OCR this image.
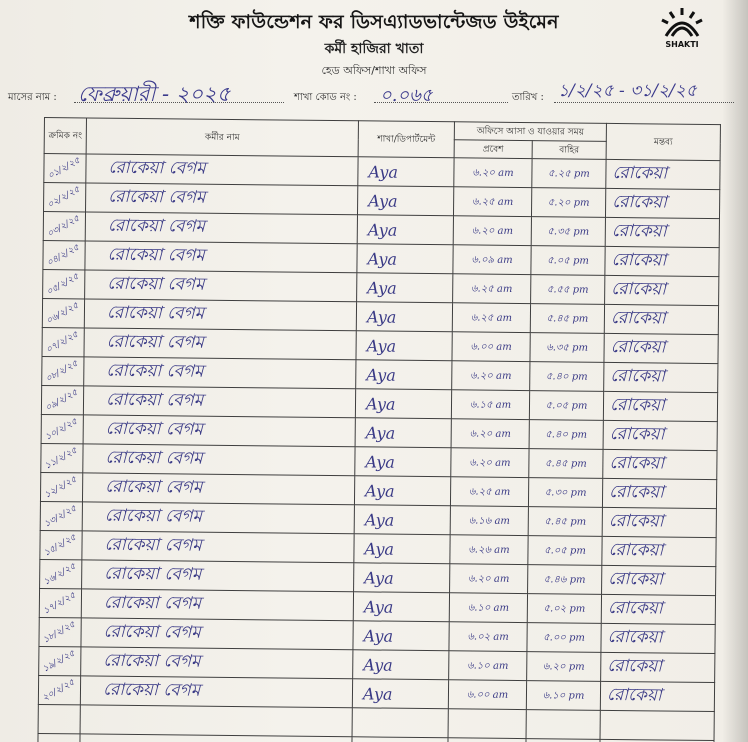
শক্তি ফাউন্ডেশন ফর ডিসএ্যাডভান্টেজড উইমেন
কর্মী হাজিরা খাতা
হেড অফিস/শাখা অফিস
SHAKTI
মাসের নাম : ফেব্রুয়ারী - ২০২৫	শাখা কোড নং : ০.০৬৫	তারিখ : ১/২/২৫ - ৩১/২/২৫
ক্রমিক নং	কর্মীর নাম	শাখা/ডিপার্টমেন্ট	অফিসে আসা ও যাওয়ার সময়		মন্তব্য
			প্রবেশ	বাহির	

০১/২/২৫	রোকেয়া বেগম	Aya	৬.২০ am	৫.২৫ pm	রোকেয়া

০২/২/২৫	রোকেয়া বেগম	Aya	৬.২৫ am	৫.২০ pm	রোকেয়া

০৩/২/২৫	রোকেয়া বেগম	Aya	৬.২০ am	৫.৩৫ pm	রোকেয়া

০৪/২/২৫	রোকেয়া বেগম	Aya	৬.০৯ am	৫.০৫ pm	রোকেয়া

০৫/২/২৫	রোকেয়া বেগম	Aya	৬.২৫ am	৫.৫৫ pm	রোকেয়া

০৬/২/২৫	রোকেয়া বেগম	Aya	৬.২৫ am	৫.৪৫ pm	রোকেয়া

০৭/২/২৫	রোকেয়া বেগম	Aya	৬.০০ am	৬.৩৫ pm	রোকেয়া

০৮/২/২৫	রোকেয়া বেগম	Aya	৬.২০ am	৫.৪০ pm	রোকেয়া

০৯/২/২৫	রোকেয়া বেগম	Aya	৬.১৫ am	৫.০৫ pm	রোকেয়া

১০/২/২৫	রোকেয়া বেগম	Aya	৬.২০ am	৫.৪০ pm	রোকেয়া

১১/২/২৫	রোকেয়া বেগম	Aya	৬.২০ am	৫.৪৫ pm	রোকেয়া

১২/২/২৫	রোকেয়া বেগম	Aya	৬.২৫ am	৫.৩০ pm	রোকেয়া

১৩/২/২৫	রোকেয়া বেগম	Aya	৬.১৬ am	৫.৪৫ pm	রোকেয়া

১৫/২/২৫	রোকেয়া বেগম	Aya	৬.২৬ am	৫.০৫ pm	রোকেয়া

১৬/২/২৫	রোকেয়া বেগম	Aya	৬.২০ am	৫.৪৬ pm	রোকেয়া

১৭/২/২৫	রোকেয়া বেগম	Aya	৬.১০ am	৫.০২ pm	রোকেয়া

১৮/২/২৫	রোকেয়া বেগম	Aya	৬.০২ am	৫.০০ pm	রোকেয়া

১৯/২/২৫	রোকেয়া বেগম	Aya	৬.১০ am	৬.২০ pm	রোকেয়া

২০/২/২৫	রোকেয়া বেগম	Aya	৬.০০ am	৬.১০ pm	রোকেয়া
